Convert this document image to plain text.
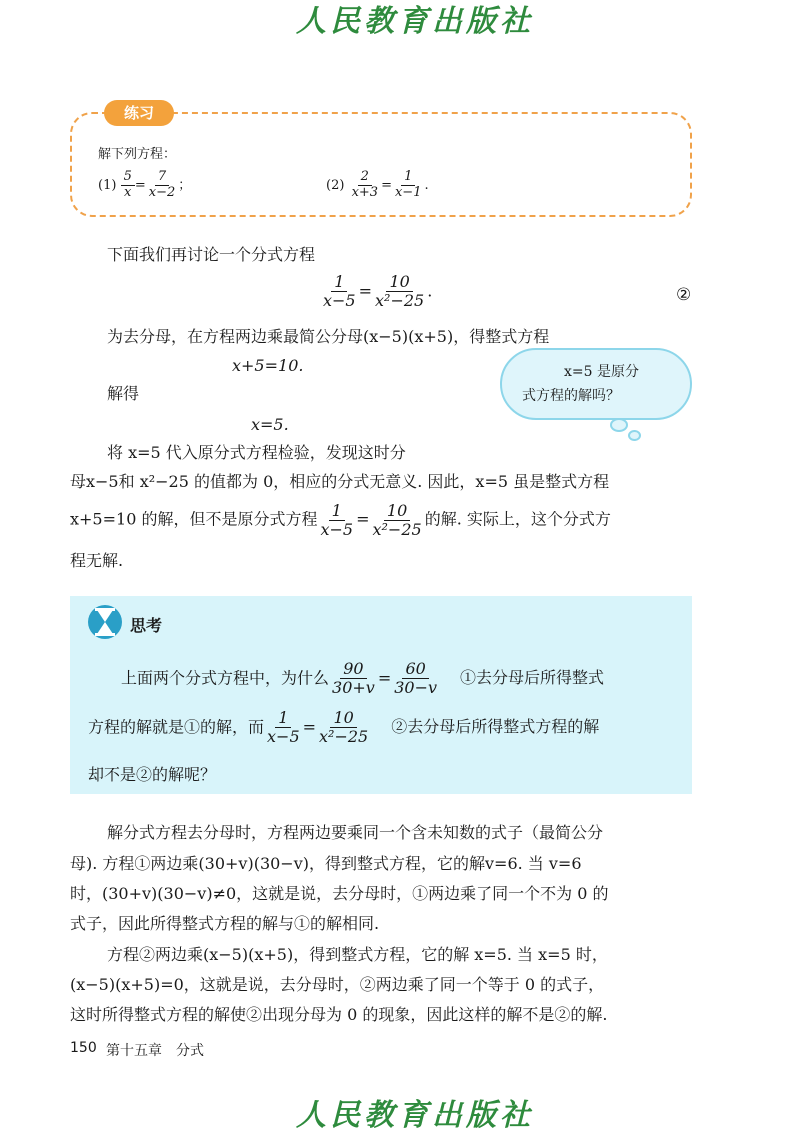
人民教育出版社
练习
解下列方程：
$(1) \frac{5}{x} = \frac{7}{x-2}$ ；	$(2) \frac{2}{x+3} = \frac{1}{x-1}$ .
下面我们再讨论一个分式方程
$\frac{1}{x-5} = \frac{10}{\text{x²−25}}$ .	②
为去分母，在方程两边乘最简公分母(x−5)(x+5)，得整式方程
x+5=10.
解得
x=5.
x=5 是原分
式方程的解吗？
将 x=5 代入原分式方程检验，发现这时分
母x−5和 x²−25 的值都为 0，相应的分式无意义. 因此，x=5 虽是整式方程
x+5=10 的解，但不是原分式方程 $\frac{1}{x-5} = \frac{10}{\text{x²−25}}$ 的解. 实际上，这个分式方
程无解.
思考
上面两个分式方程中，为什么 $\frac{90}{30+v} = \frac{60}{30-v}$ ①去分母后所得整式
方程的解就是①的解，而 $\frac{1}{x-5} = \frac{10}{\text{x²−25}}$ ②去分母后所得整式方程的解
却不是②的解呢？
解分式方程去分母时，方程两边要乘同一个含未知数的式子（最简公分
母). 方程①两边乘(30+v)(30−v)，得到整式方程，它的解v=6. 当 v=6
时，(30+v)(30−v)≠0，这就是说，去分母时，①两边乘了同一个不为 0 的
式子，因此所得整式方程的解与①的解相同.
方程②两边乘(x−5)(x+5)，得到整式方程，它的解 x=5. 当 x=5 时，
(x−5)(x+5)=0，这就是说，去分母时，②两边乘了同一个等于 0 的式子，
这时所得整式方程的解使②出现分母为 0 的现象，因此这样的解不是②的解.
150 第十五章　分式
人民教育出版社
